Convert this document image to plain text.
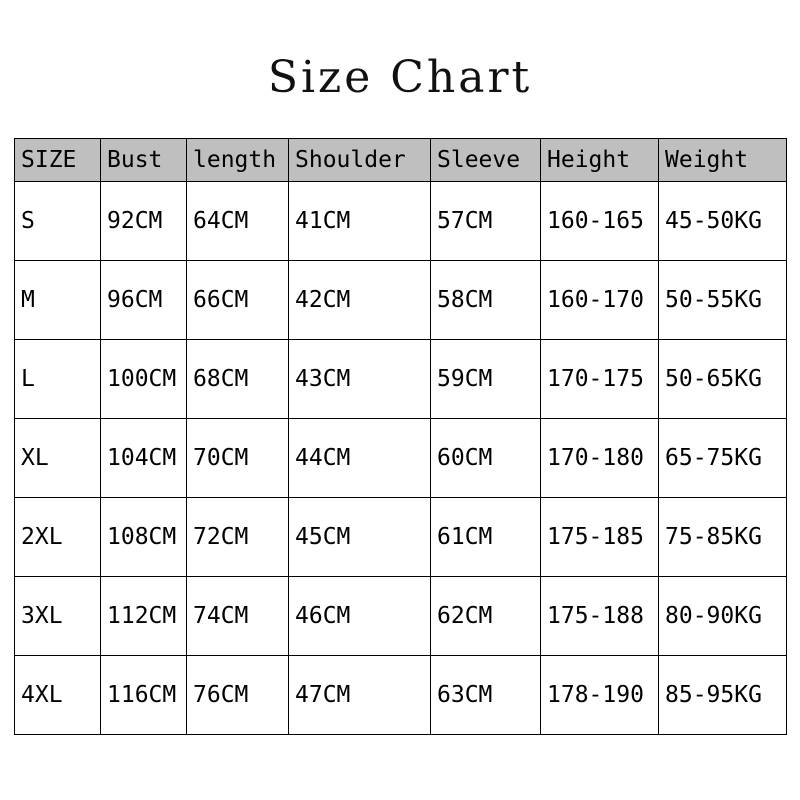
Size Chart
SIZE	Bust	length	Shoulder	Sleeve	Height	Weight
S	92CM	64CM	41CM	57CM	160-165	45-50KG
M	96CM	66CM	42CM	58CM	160-170	50-55KG
L	100CM	68CM	43CM	59CM	170-175	50-65KG
XL	104CM	70CM	44CM	60CM	170-180	65-75KG
2XL	108CM	72CM	45CM	61CM	175-185	75-85KG
3XL	112CM	74CM	46CM	62CM	175-188	80-90KG
4XL	116CM	76CM	47CM	63CM	178-190	85-95KG
